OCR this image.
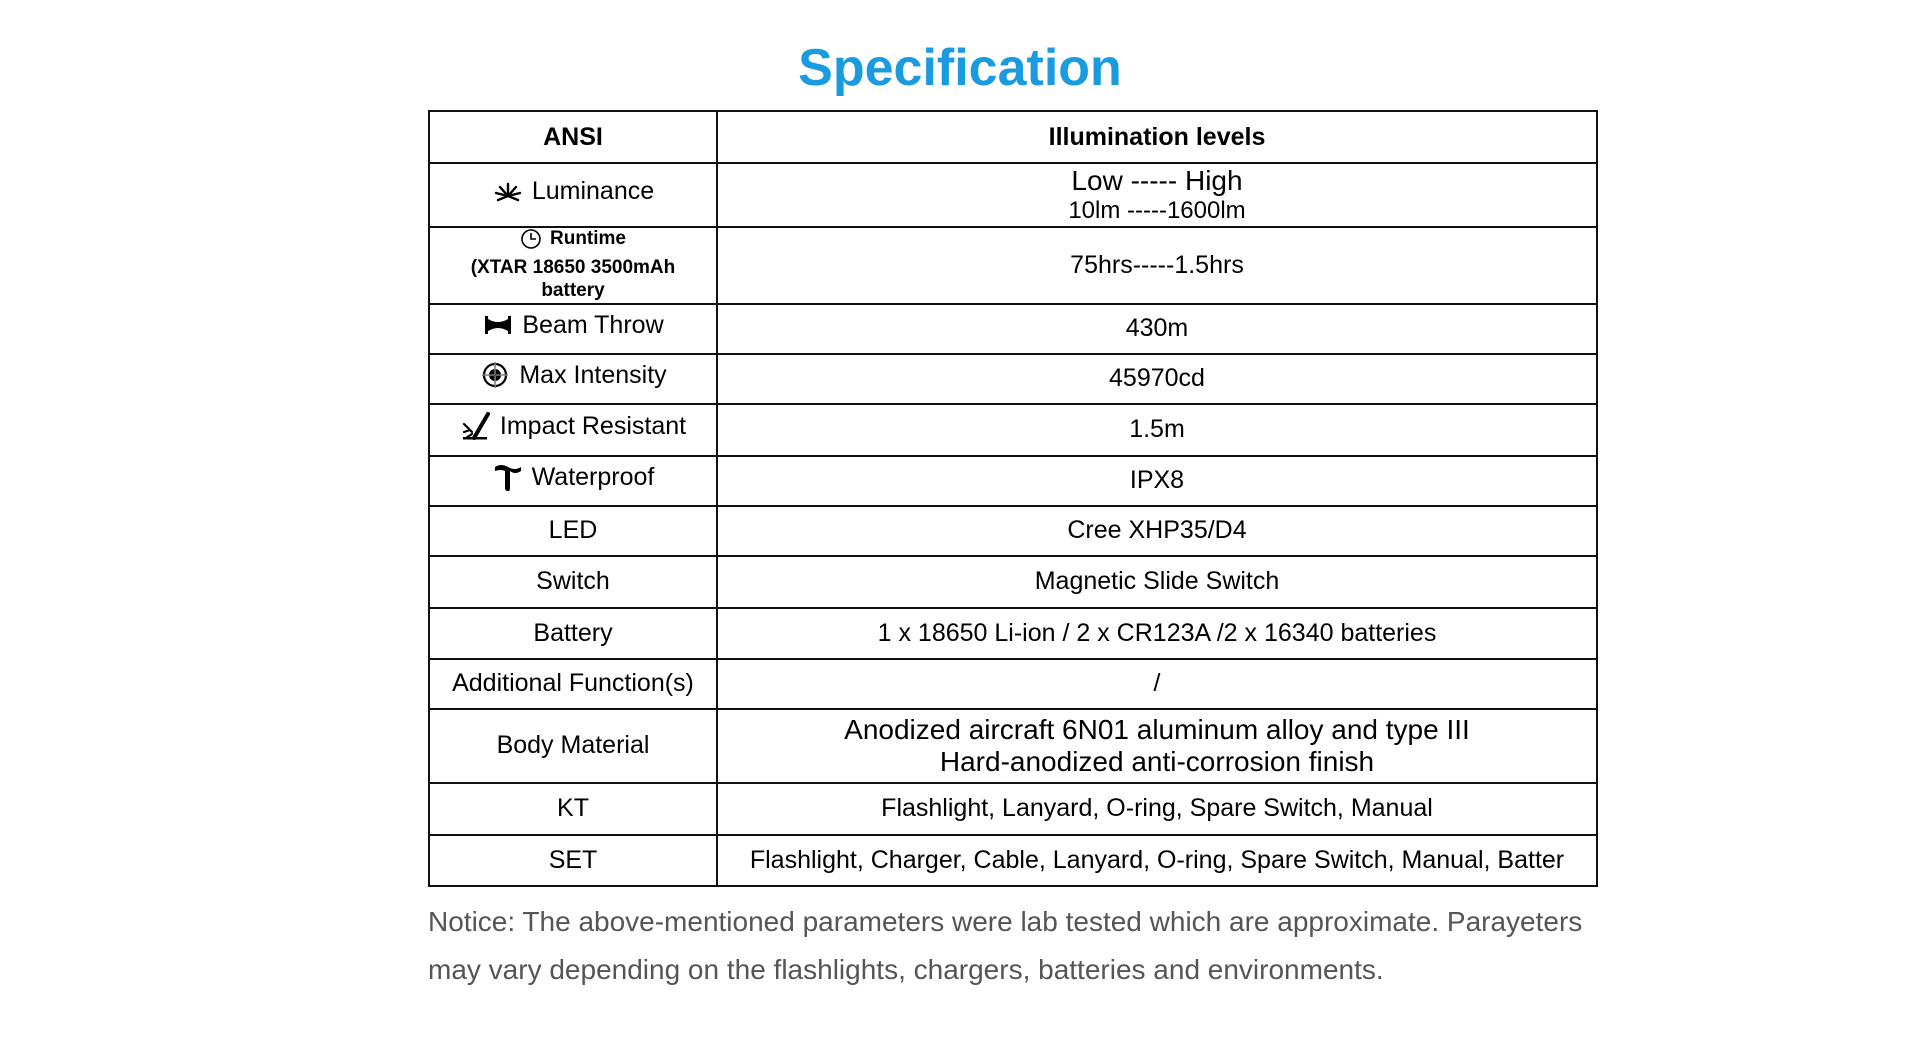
Specification
ANSI	Illumination levels

Luminance	Low ----- High
10lm -----1600lm

Runtime
(XTAR 18650 3500mAh
battery	75hrs-----1.5hrs

Beam Throw	430m

Max Intensity	45970cd

Impact Resistant	1.5m

Waterproof	IPX8
LED	Cree XHP35/D4
Switch	Magnetic Slide Switch
Battery	1 x 18650 Li-ion / 2 x CR123A /2 x 16340 batteries
Additional Function(s)	/
Body Material	Anodized aircraft 6N01 aluminum alloy and type III
Hard-anodized anti-corrosion finish

KT	Flashlight, Lanyard, O-ring, Spare Switch, Manual
SET	Flashlight, Charger, Cable, Lanyard, O-ring, Spare Switch, Manual, Batter
Notice: The above-mentioned parameters were lab tested which are approximate. Parayeters
may vary depending on the flashlights, chargers, batteries and environments.
